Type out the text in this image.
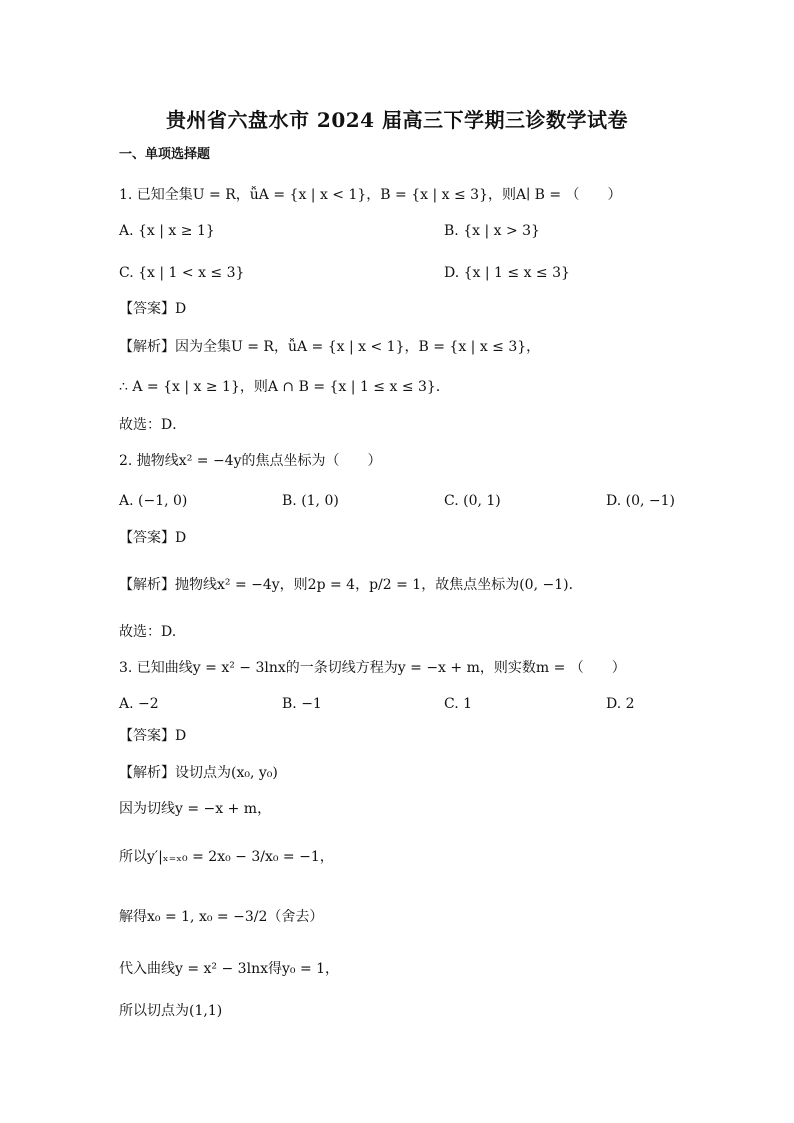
贵州省六盘水市 2024 届高三下学期三诊数学试卷
一、单项选择题
1. 已知全集U = R，ǚA = {x | x < 1}，B = {x | x ≤ 3}，则A∣ B = （　　）
A. {x | x ≥ 1}	B. {x | x > 3}
C. {x | 1 < x ≤ 3}	D. {x | 1 ≤ x ≤ 3}
【答案】D
【解析】因为全集U = R，ǚA = {x | x < 1}，B = {x | x ≤ 3}，
∴ A = {x | x ≥ 1}，则A ∩ B = {x | 1 ≤ x ≤ 3}．
故选：D．
2. 抛物线x² = −4y的焦点坐标为（　　）
A. (−1, 0)	B. (1, 0)	C. (0, 1)	D. (0, −1)
【答案】D
【解析】抛物线x² = −4y，则2p = 4，p/2 = 1，故焦点坐标为(0, −1)．
故选：D.
3. 已知曲线y = x² − 3lnx的一条切线方程为y = −x + m，则实数m = （　　）
A. −2	B. −1	C. 1	D. 2
【答案】D
【解析】设切点为(x₀, y₀)
因为切线y = −x + m，
所以y′|ₓ₌ₓ₀ = 2x₀ − 3/x₀ = −1，
解得x₀ = 1, x₀ = −3/2（舍去）
代入曲线y = x² − 3lnx得y₀ = 1，
所以切点为(1,1)
